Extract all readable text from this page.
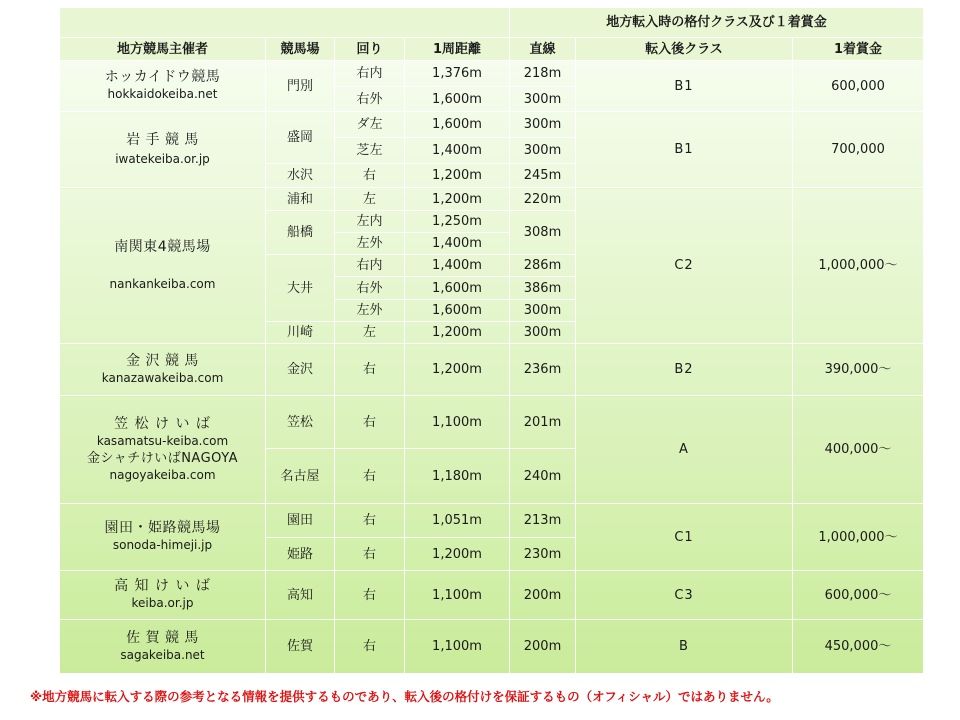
				地方転入時の格付クラス及び１着賞金		
地方競馬主催者	競馬場	回り	1周距離	直線	転入後クラス	1着賞金

ホッカイドウ競馬
hokkaidokeiba.net	門別	右内	1,376m	218m	B1	600,000
		右外	1,600m	300m		

岩 手 競 馬
iwatekeiba.or.jp	盛岡	ダ左	1,600m	300m	B1	700,000
		芝左	1,400m	300m		
	水沢	右	1,200m	245m		

南関東4競馬場
nankankeiba.com	浦和	左	1,200m	220m	C2	1,000,000～
	船橋	左内	1,250m	308m		
		左外	1,400m			
	大井	右内	1,400m	286m		
		右外	1,600m	386m		
		左外	1,600m	300m		
	川崎	左	1,200m	300m		

金 沢 競 馬
kanazawakeiba.com	金沢	右	1,200m	236m	B2	390,000～

笠 松 け い ば
kasamatsu-keiba.com
金シャチけいばNAGOYA
nagoyakeiba.com	笠松	右	1,100m	201m	A	400,000～
	名古屋	右	1,180m	240m		

園田・姫路競馬場
sonoda-himeji.jp	園田	右	1,051m	213m	C1	1,000,000～
	姫路	右	1,200m	230m		

高 知 け い ば
keiba.or.jp	高知	右	1,100m	200m	C3	600,000～

佐 賀 競 馬
sagakeiba.net	佐賀	右	1,100m	200m	B	450,000～
※地方競馬に転入する際の参考となる情報を提供するものであり、転入後の格付けを保証するもの（オフィシャル）ではありません。
